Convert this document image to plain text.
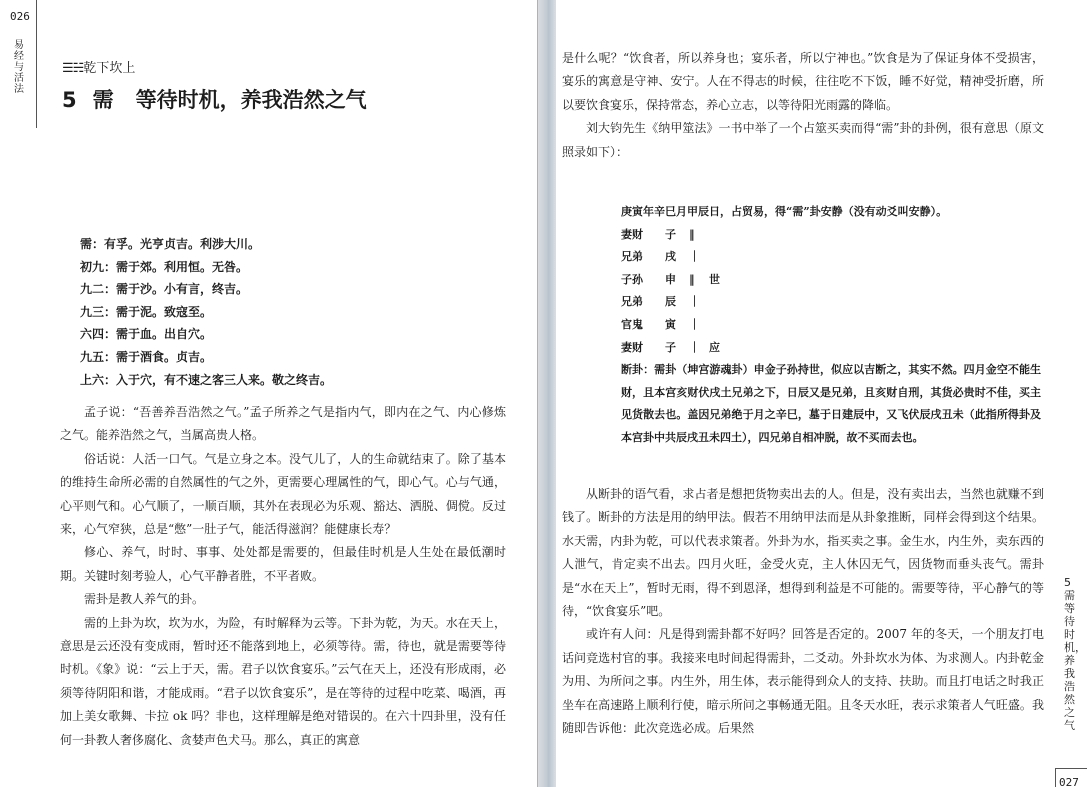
026
易经与活法
☰☵乾下坎上
5 需 等待时机，养我浩然之气
需：有孚。光亨贞吉。利涉大川。
初九：需于郊。利用恒。无咎。
九二：需于沙。小有言，终吉。
九三：需于泥。致寇至。
六四：需于血。出自穴。
九五：需于酒食。贞吉。
上六：入于穴，有不速之客三人来。敬之终吉。

孟子说：“吾善养吾浩然之气。”孟子所养之气是指内气，即内在之气、内心修炼之气。能养浩然之气，当属高贵人格。

俗话说：人活一口气。气是立身之本。没气儿了，人的生命就结束了。除了基本的维持生命所必需的自然属性的气之外，更需要心理属性的气，即心气。心与气通，心平则气和。心气顺了，一顺百顺，其外在表现必为乐观、豁达、洒脱、倜傥。反过来，心气窄狭，总是“憋”一肚子气，能活得滋润？能健康长寿？

修心、养气，时时、事事、处处都是需要的，但最佳时机是人生处在最低潮时期。关键时刻考验人，心气平静者胜，不平者败。

需卦是教人养气的卦。

需的上卦为坎，坎为水，为险，有时解释为云等。下卦为乾，为天。水在天上，意思是云还没有变成雨，暂时还不能落到地上，必须等待。需，待也，就是需要等待时机。《象》说：“云上于天，需。君子以饮食宴乐。”云气在天上，还没有形成雨，必须等待阴阳和谐，才能成雨。“君子以饮食宴乐”，是在等待的过程中吃菜、喝酒，再加上美女歌舞、卡拉 ok 吗？非也，这样理解是绝对错误的。在六十四卦里，没有任何一卦教人奢侈腐化、贪婪声色犬马。那么，真正的寓意

是什么呢？“饮食者，所以养身也；宴乐者，所以宁神也。”饮食是为了保证身体不受损害，宴乐的寓意是守神、安宁。人在不得志的时候，往往吃不下饭，睡不好觉，精神受折磨，所以要饮食宴乐，保持常态，养心立志，以等待阳光雨露的降临。

刘大钧先生《纳甲筮法》一书中举了一个占筮买卖而得“需”卦的卦例，很有意思（原文照录如下）：

庚寅年辛巳月甲辰日，占贸易，得“需”卦安静（没有动爻叫安静）。
妻财 子 ‖
兄弟 戌 ｜
子孙 申 ‖ 世
兄弟 辰 ｜
官鬼 寅 ｜
妻财 子 ｜ 应
断卦：需卦（坤宫游魂卦）申金子孙持世，似应以吉断之，其实不然。四月金空不能生财，且本宫亥财伏戌土兄弟之下，日辰又是兄弟，且亥财自刑，其货必贵时不佳，买主见货散去也。盖因兄弟绝于月之辛巳，墓于日建辰中，又飞伏辰戌丑未（此指所得卦及本宫卦中共辰戌丑未四土），四兄弟自相冲脱，故不买而去也。

从断卦的语气看，求占者是想把货物卖出去的人。但是，没有卖出去，当然也就赚不到钱了。断卦的方法是用的纳甲法。假若不用纳甲法而是从卦象推断，同样会得到这个结果。水天需，内卦为乾，可以代表求策者。外卦为水，指买卖之事。金生水，内生外，卖东西的人泄气，肯定卖不出去。四月火旺，金受火克，主人休囚无气，因货物而垂头丧气。需卦是“水在天上”，暂时无雨，得不到恩泽，想得到利益是不可能的。需要等待，平心静气的等待，“饮食宴乐”吧。

或许有人问：凡是得到需卦都不好吗？回答是否定的。2007 年的冬天，一个朋友打电话问竞选村官的事。我接来电时间起得需卦，二爻动。外卦坎水为体、为求测人。内卦乾金为用、为所问之事。内生外，用生体，表示能得到众人的支持、扶助。而且打电话之时我正坐车在高速路上顺利行使，暗示所问之事畅通无阻。且冬天水旺，表示求策者人气旺盛。我随即告诉他：此次竞选必成。后果然

5 需 等待时机，养我浩然之气
027
